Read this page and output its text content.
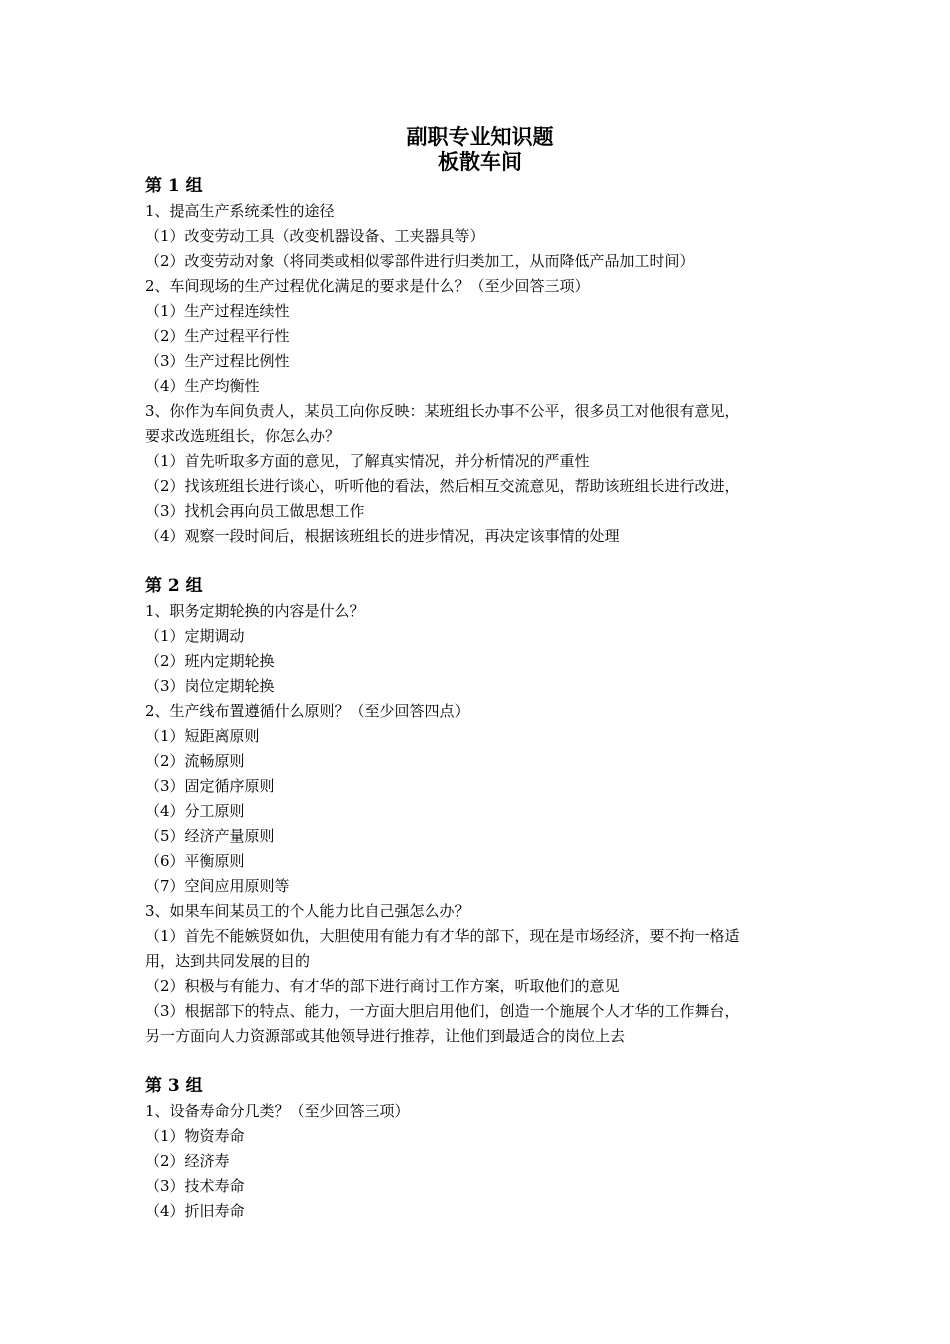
副职专业知识题
板散车间
第 1 组
1、提高生产系统柔性的途径
（1）改变劳动工具（改变机器设备、工夹器具等）
（2）改变劳动对象（将同类或相似零部件进行归类加工，从而降低产品加工时间）
2、车间现场的生产过程优化满足的要求是什么？（至少回答三项）
（1）生产过程连续性
（2）生产过程平行性
（3）生产过程比例性
（4）生产均衡性
3、你作为车间负责人，某员工向你反映：某班组长办事不公平，很多员工对他很有意见，
要求改选班组长，你怎么办？
（1）首先听取多方面的意见，了解真实情况，并分析情况的严重性
（2）找该班组长进行谈心，听听他的看法，然后相互交流意见，帮助该班组长进行改进，
（3）找机会再向员工做思想工作
（4）观察一段时间后，根据该班组长的进步情况，再决定该事情的处理
第 2 组
1、职务定期轮换的内容是什么？
（1）定期调动
（2）班内定期轮换
（3）岗位定期轮换
2、生产线布置遵循什么原则？（至少回答四点）
（1）短距离原则
（2）流畅原则
（3）固定循序原则
（4）分工原则
（5）经济产量原则
（6）平衡原则
（7）空间应用原则等
3、如果车间某员工的个人能力比自己强怎么办？
（1）首先不能嫉贤如仇，大胆使用有能力有才华的部下，现在是市场经济，要不拘一格适
用，达到共同发展的目的
（2）积极与有能力、有才华的部下进行商讨工作方案，听取他们的意见
（3）根据部下的特点、能力，一方面大胆启用他们，创造一个施展个人才华的工作舞台，
另一方面向人力资源部或其他领导进行推荐，让他们到最适合的岗位上去
第 3 组
1、设备寿命分几类？（至少回答三项）
（1）物资寿命
（2）经济寿
（3）技术寿命
（4）折旧寿命
